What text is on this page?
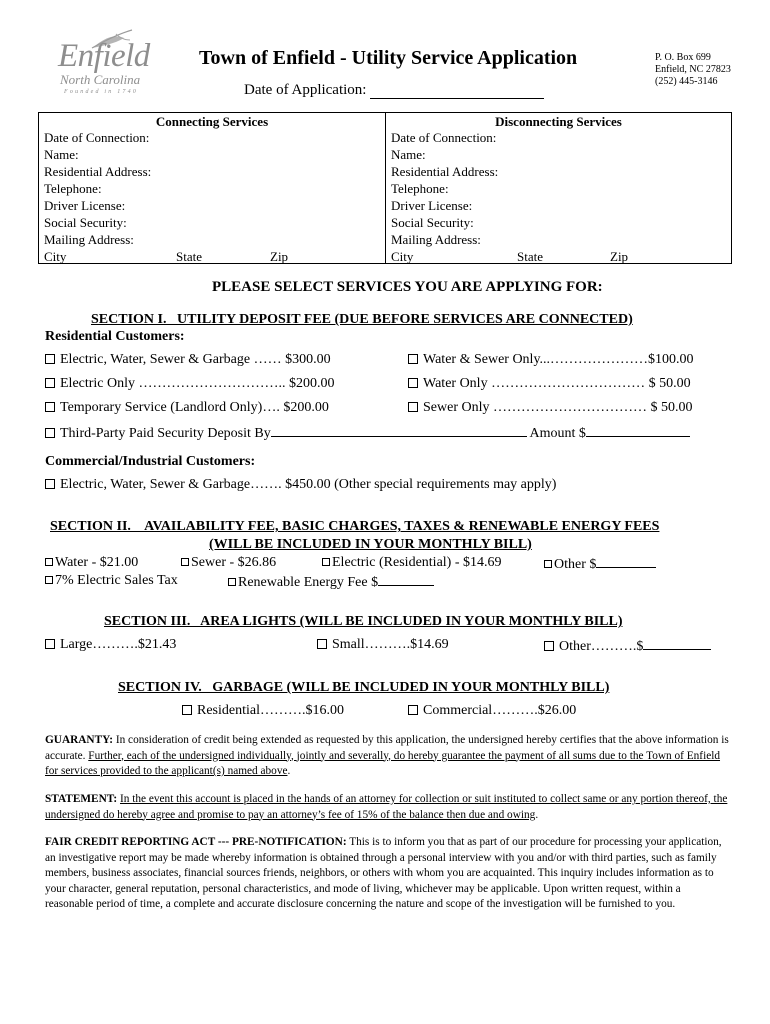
Enfield
North Carolina
Founded in 1740
Town of Enfield - Utility Service Application	P. O. Box 699
Enfield, NC 27823
(252) 445-3146
Date of Application:
Connecting Services
Date of Connection:
Name:
Residential Address:
Telephone:
Driver License:
Social Security:
Mailing Address:
City	State	Zip
Disconnecting Services
Date of Connection:
Name:
Residential Address:
Telephone:
Driver License:
Social Security:
Mailing Address:
City	State	Zip
PLEASE SELECT SERVICES YOU ARE APPLYING FOR:
SECTION I.   UTILITY DEPOSIT FEE (DUE BEFORE SERVICES ARE CONNECTED)
Residential Customers:
Electric, Water, Sewer & Garbage …… $300.00
Electric Only ………………………….. $200.00
Temporary Service (Landlord Only)…. $200.00
Water & Sewer Only...…………………$100.00
Water Only …………………………… $ 50.00
Sewer Only …………………………… $ 50.00
Third-Party Paid Security Deposit By	Amount $
Commercial/Industrial Customers:
Electric, Water, Sewer & Garbage……. $450.00 (Other special requirements may apply)
SECTION II.    AVAILABILITY FEE, BASIC CHARGES, TAXES & RENEWABLE ENERGY FEES
(WILL BE INCLUDED IN YOUR MONTHLY BILL)
Water - $21.00	Sewer - $26.86	Electric (Residential) - $14.69	Other $
7% Electric Sales Tax	Renewable Energy Fee $
SECTION III.   AREA LIGHTS (WILL BE INCLUDED IN YOUR MONTHLY BILL)
Large……….$21.43	Small……….$14.69	Other……….$
SECTION IV.   GARBAGE (WILL BE INCLUDED IN YOUR MONTHLY BILL)
Residential……….$16.00	Commercial……….$26.00
GUARANTY: In consideration of credit being extended as requested by this application, the undersigned hereby certifies that the above information is accurate. Further, each of the undersigned individually, jointly and severally, do hereby guarantee the payment of all sums due to the Town of Enfield for services provided to the applicant(s) named above.
STATEMENT: In the event this account is placed in the hands of an attorney for collection or suit instituted to collect same or any portion thereof, the undersigned do hereby agree and promise to pay an attorney’s fee of 15% of the balance then due and owing.
FAIR CREDIT REPORTING ACT --- PRE-NOTIFICATION: This is to inform you that as part of our procedure for processing your application, an investigative report may be made whereby information is obtained through a personal interview with you and/or with third parties, such as family members, business associates, financial sources friends, neighbors, or others with whom you are acquainted. This inquiry includes information as to your character, general reputation, personal characteristics, and mode of living, whichever may be applicable. Upon written request, within a reasonable period of time, a complete and accurate disclosure concerning the nature and scope of the investigation will be furnished to you.
